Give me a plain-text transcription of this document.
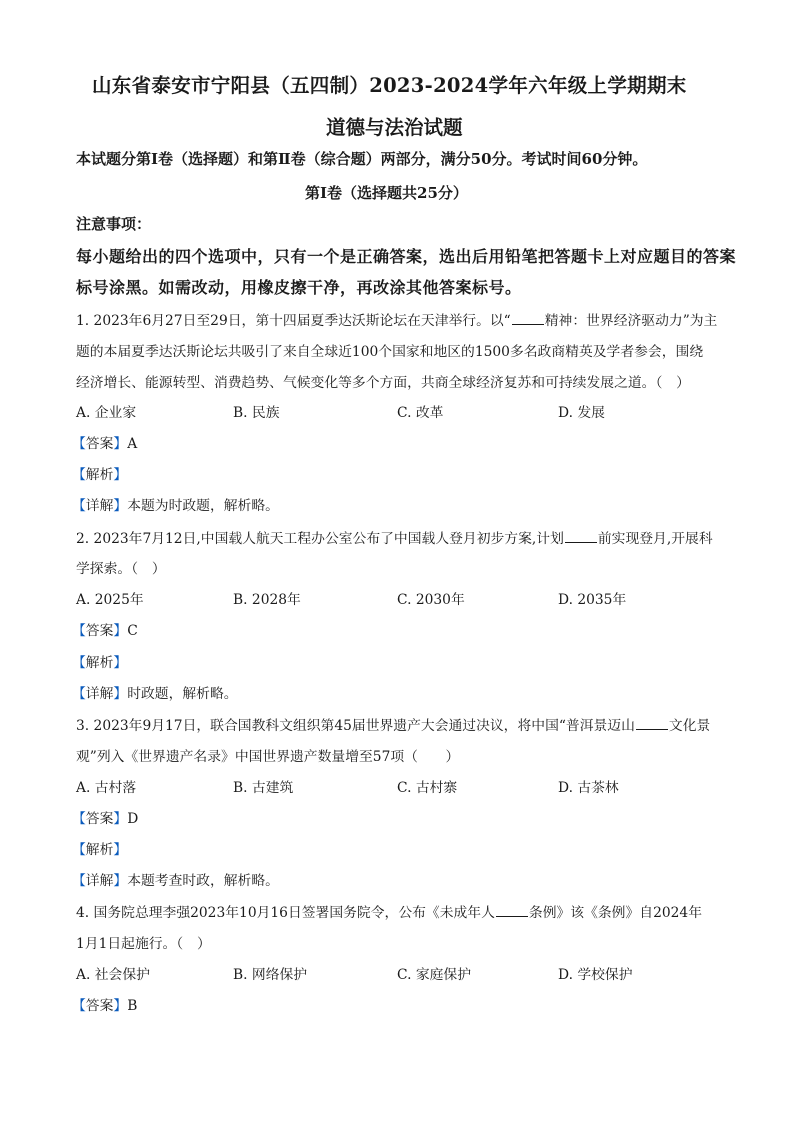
山东省泰安市宁阳县（五四制）2023-2024学年六年级上学期期末
道德与法治试题
本试题分第Ⅰ卷（选择题）和第Ⅱ卷（综合题）两部分，满分50分。考试时间60分钟。
第Ⅰ卷（选择题共25分）
注意事项：
每小题给出的四个选项中，只有一个是正确答案，选出后用铅笔把答题卡上对应题目的答案
标号涂黑。如需改动，用橡皮擦干净，再改涂其他答案标号。
1. 2023年6月27日至29日，第十四届夏季达沃斯论坛在天津举行。以“ 精神：世界经济驱动力”为主
题的本届夏季达沃斯论坛共吸引了来自全球近100个国家和地区的1500多名政商精英及学者参会，围绕
经济增长、能源转型、消费趋势、气候变化等多个方面，共商全球经济复苏和可持续发展之道。（　）
A. 企业家	B. 民族	C. 改革	D. 发展
【答案】A
【解析】
【详解】本题为时政题，解析略。
2. 2023年7月12日,中国载人航天工程办公室公布了中国载人登月初步方案,计划 前实现登月,开展科
学探索。（　）
A. 2025年	B. 2028年	C. 2030年	D. 2035年
【答案】C
【解析】
【详解】时政题，解析略。
3. 2023年9月17日，联合国教科文组织第45届世界遗产大会通过决议，将中国“普洱景迈山 文化景
观”列入《世界遗产名录》中国世界遗产数量增至57项（　　）
A. 古村落	B. 古建筑	C. 古村寨	D. 古茶林
【答案】D
【解析】
【详解】本题考查时政，解析略。
4. 国务院总理李强2023年10月16日签署国务院令，公布《未成年人 条例》该《条例》自2024年
1月1日起施行。（　）
A. 社会保护	B. 网络保护	C. 家庭保护	D. 学校保护
【答案】B
